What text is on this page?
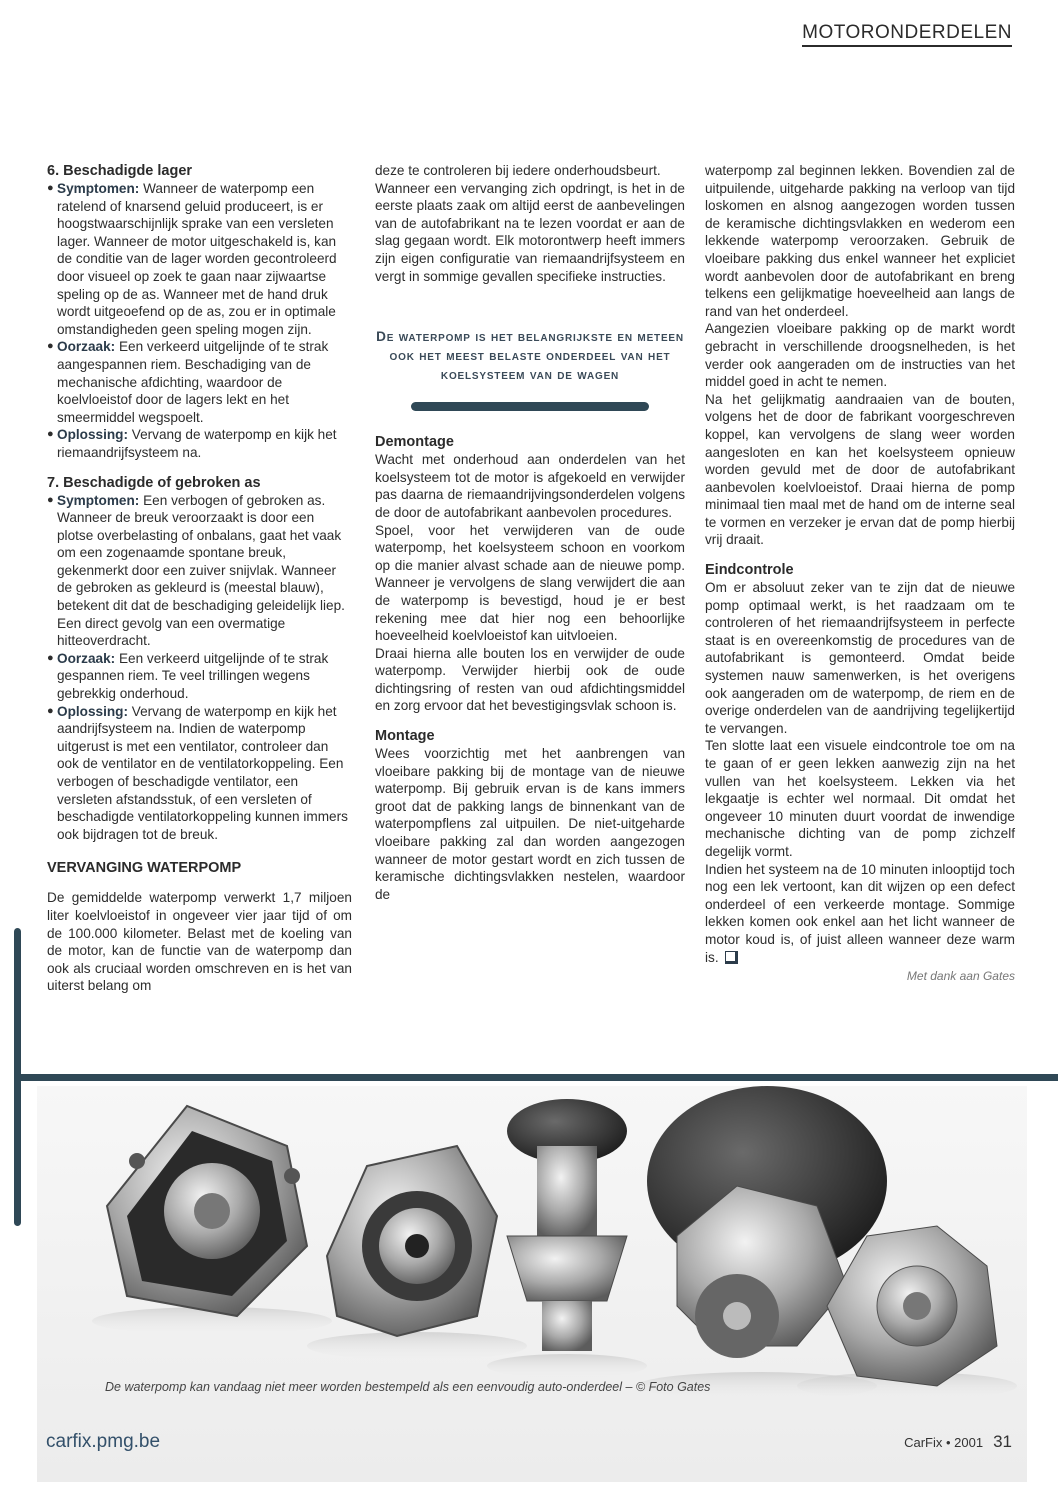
MOTORONDERDELEN
6. Beschadigde lager
● Symptomen: Wanneer de waterpomp een ratelend of knarsend geluid produceert, is er hoogstwaarschijnlijk sprake van een versleten lager. Wanneer de motor uitgeschakeld is, kan de conditie van de lager worden gecontroleerd door visueel op zoek te gaan naar zijwaartse speling op de as. Wanneer met de hand druk wordt uitgeoefend op de as, zou er in optimale omstandigheden geen speling mogen zijn.
● Oorzaak: Een verkeerd uitgelijnde of te strak aangespannen riem. Beschadiging van de mechanische afdichting, waardoor de koelvloeistof door de lagers lekt en het smeermiddel wegspoelt.
● Oplossing: Vervang de waterpomp en kijk het riemaandrijfsysteem na.
7. Beschadigde of gebroken as
● Symptomen: Een verbogen of gebroken as. Wanneer de breuk veroorzaakt is door een plotse overbelasting of onbalans, gaat het vaak om een zogenaamde spontane breuk, gekenmerkt door een zuiver snijvlak. Wanneer de gebroken as gekleurd is (meestal blauw), betekent dit dat de beschadiging geleidelijk liep. Een direct gevolg van een overmatige hitteoverdracht.
● Oorzaak: Een verkeerd uitgelijnde of te strak gespannen riem. Te veel trillingen wegens gebrekkig onderhoud.
● Oplossing: Vervang de waterpomp en kijk het aandrijfsysteem na. Indien de waterpomp uitgerust is met een ventilator, controleer dan ook de ventilator en de ventilatorkoppeling. Een verbogen of beschadigde ventilator, een versleten afstandsstuk, of een versleten of beschadigde ventilatorkoppeling kunnen immers ook bijdragen tot de breuk.
VERVANGING WATERPOMP

De gemiddelde waterpomp verwerkt 1,7 miljoen liter koelvloeistof in ongeveer vier jaar tijd of om de 100.000 kilometer. Belast met de koeling van de motor, kan de functie van de waterpomp dan ook als cruciaal worden omschreven en is het van uiterst belang om

deze te controleren bij iedere onderhoudsbeurt.

Wanneer een vervanging zich opdringt, is het in de eerste plaats zaak om altijd eerst de aanbevelingen van de autofabrikant na te lezen voordat er aan de slag gegaan wordt. Elk motorontwerp heeft immers zijn eigen configuratie van riemaandrijfsysteem en vergt in sommige gevallen specifieke instructies.

De waterpomp is het belangrijkste en meteen ook het meest belaste onderdeel van het koelsysteem van de wagen
Demontage

Wacht met onderhoud aan onderdelen van het koelsysteem tot de motor is afgekoeld en verwijder pas daarna de riemaandrijvingsonderdelen volgens de door de autofabrikant aanbevolen procedures.

Spoel, voor het verwijderen van de oude waterpomp, het koelsysteem schoon en voorkom op die manier alvast schade aan de nieuwe pomp. Wanneer je vervolgens de slang verwijdert die aan de waterpomp is bevestigd, houd je er best rekening mee dat hier nog een behoorlijke hoeveelheid koelvloeistof kan uitvloeien.

Draai hierna alle bouten los en verwijder de oude waterpomp. Verwijder hierbij ook de oude dichtingsring of resten van oud afdichtingsmiddel en zorg ervoor dat het bevestigingsvlak schoon is.

Montage

Wees voorzichtig met het aanbrengen van vloeibare pakking bij de montage van de nieuwe waterpomp. Bij gebruik ervan is de kans immers groot dat de pakking langs de binnenkant van de waterpompflens zal uitpuilen. De niet-uitgeharde vloeibare pakking zal dan worden aangezogen wanneer de motor gestart wordt en zich tussen de keramische dichtingsvlakken nestelen, waardoor de

waterpomp zal beginnen lekken. Bovendien zal de uitpuilende, uitgeharde pakking na verloop van tijd loskomen en alsnog aangezogen worden tussen de keramische dichtingsvlakken en wederom een lekkende waterpomp veroorzaken. Gebruik de vloeibare pakking dus enkel wanneer het expliciet wordt aanbevolen door de autofabrikant en breng telkens een gelijkmatige hoeveelheid aan langs de rand van het onderdeel.

Aangezien vloeibare pakking op de markt wordt gebracht in verschillende droogsnelheden, is het verder ook aangeraden om de instructies van het middel goed in acht te nemen.

Na het gelijkmatig aandraaien van de bouten, volgens het de door de fabrikant voorgeschreven koppel, kan vervolgens de slang weer worden aangesloten en kan het koelsysteem opnieuw worden gevuld met de door de autofabrikant aanbevolen koelvloeistof. Draai hierna de pomp minimaal tien maal met de hand om de interne seal te vormen en verzeker je ervan dat de pomp hierbij vrij draait.

Eindcontrole

Om er absoluut zeker van te zijn dat de nieuwe pomp optimaal werkt, is het raadzaam om te controleren of het riemaandrijfsysteem in perfecte staat is en overeenkomstig de procedures van de autofabrikant is gemonteerd. Omdat beide systemen nauw samenwerken, is het overigens ook aangeraden om de waterpomp, de riem en de overige onderdelen van de aandrijving tegelijkertijd te vervangen.

Ten slotte laat een visuele eindcontrole toe om na te gaan of er geen lekken aanwezig zijn na het vullen van het koelsysteem. Lekken via het lekgaatje is echter wel normaal. Dit omdat het ongeveer 10 minuten duurt voordat de inwendige mechanische dichting van de pomp zichzelf degelijk vormt.

Indien het systeem na de 10 minuten inlooptijd toch nog een lek vertoont, kan dit wijzen op een defect onderdeel of een verkeerde montage. Sommige lekken komen ook enkel aan het licht wanneer de motor koud is, of juist alleen wanneer deze warm is.

Met dank aan Gates
De waterpomp kan vandaag niet meer worden bestempeld als een eenvoudig auto-onderdeel – © Foto Gates
carfix.pmg.be	CarFix • 2001 31
